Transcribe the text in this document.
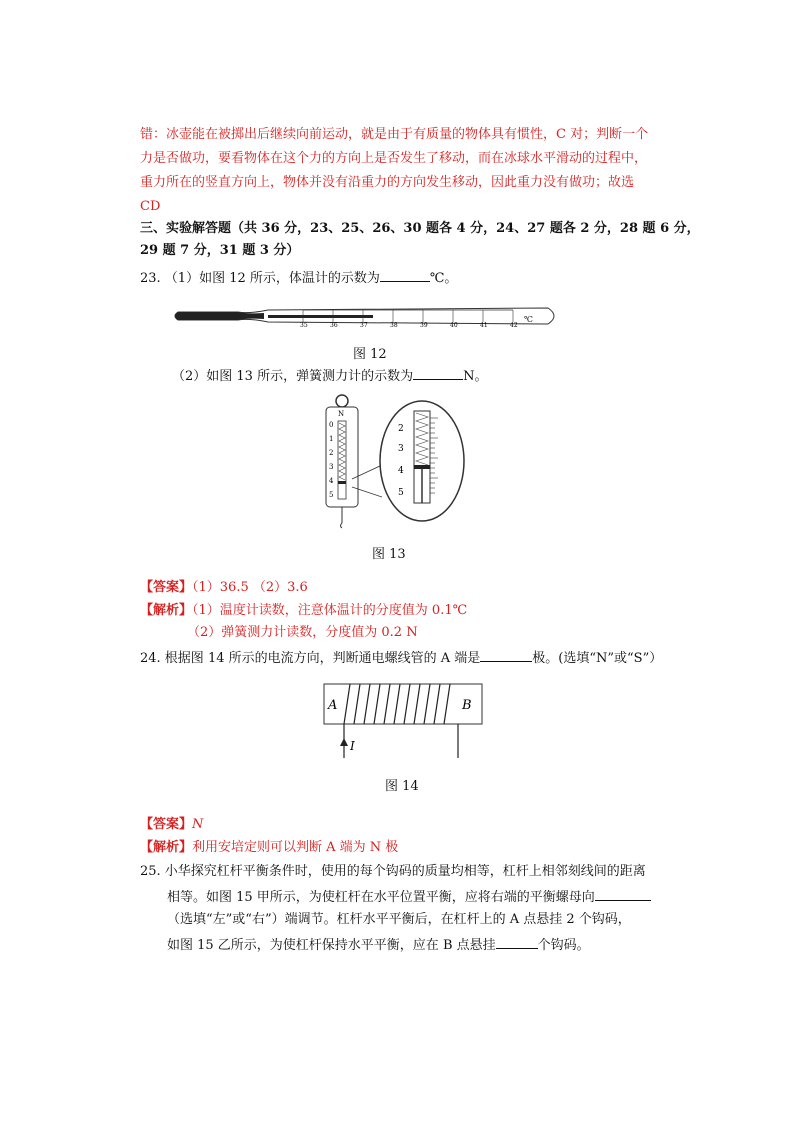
错：冰壶能在被掷出后继续向前运动，就是由于有质量的物体具有惯性，C 对；判断一个
力是否做功，要看物体在这个力的方向上是否发生了移动，而在冰球水平滑动的过程中，
重力所在的竖直方向上，物体并没有沿重力的方向发生移动，因此重力没有做功；故选
CD
三、实验解答题（共 36 分，23、25、26、30 题各 4 分，24、27 题各 2 分，28 题 6 分，
29 题 7 分，31 题 3 分）
23. （1）如图 12 所示，体温计的示数为	℃。
35	36	37	38	39	40	41	42
℃
图 12
（2）如图 13 所示，弹簧测力计的示数为	N。
N
0
1
2
3
4
5
2
3
4
5
图 13
【答案】（1）36.5 （2）3.6
【解析】（1）温度计读数，注意体温计的分度值为 0.1℃
（2）弹簧测力计读数，分度值为 0.2 N
24. 根据图 14 所示的电流方向，判断通电螺线管的 A 端是	极。(选填“N”或“S”）
A	B
I
图 14
【答案】N
【解析】利用安培定则可以判断 A 端为 N 极
25. 小华探究杠杆平衡条件时，使用的每个钩码的质量均相等，杠杆上相邻刻线间的距离
相等。如图 15 甲所示，为使杠杆在水平位置平衡，应将右端的平衡螺母向
（选填“左”或“右”）端调节。杠杆水平平衡后，在杠杆上的 A 点悬挂 2 个钩码，
如图 15 乙所示，为使杠杆保持水平平衡，应在 B 点悬挂	个钩码。
